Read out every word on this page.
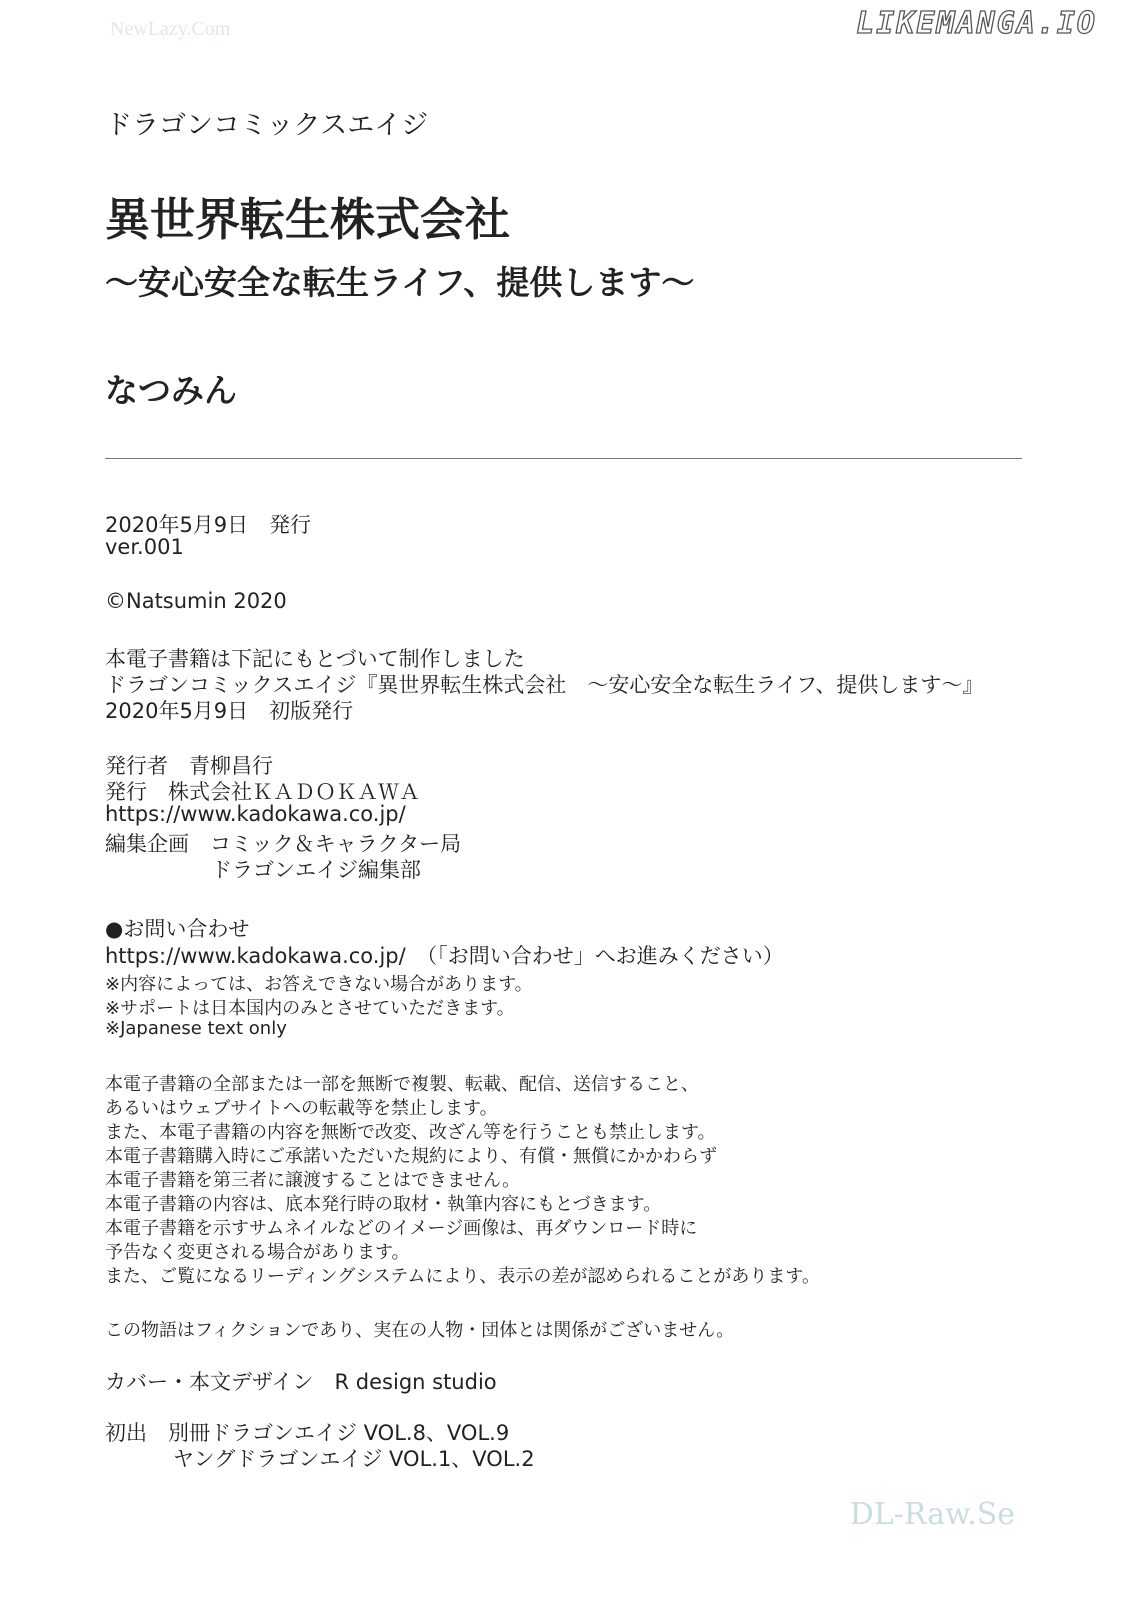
NewLazy.Com	LIKEMANGA.IO
DL-Raw.Se
ドラゴンコミックスエイジ
異世界転生株式会社
～安心安全な転生ライフ、提供します～
なつみん
2020年5月9日　発行
ver.001
©Natsumin 2020
本電子書籍は下記にもとづいて制作しました
ドラゴンコミックスエイジ『異世界転生株式会社　～安心安全な転生ライフ、提供します～』
2020年5月9日　初版発行
発行者　青柳昌行
発行　株式会社ＫＡＤＯＫＡＷＡ
https://www.kadokawa.co.jp/
編集企画　コミック＆キャラクター局
ドラゴンエイジ編集部
●お問い合わせ
https://www.kadokawa.co.jp/　（「お問い合わせ」へお進みください）
※内容によっては、お答えできない場合があります。
※サポートは日本国内のみとさせていただきます。
※Japanese text only
本電子書籍の全部または一部を無断で複製、転載、配信、送信すること、
あるいはウェブサイトへの転載等を禁止します。
また、本電子書籍の内容を無断で改変、改ざん等を行うことも禁止します。
本電子書籍購入時にご承諾いただいた規約により、有償・無償にかかわらず
本電子書籍を第三者に譲渡することはできません。
本電子書籍の内容は、底本発行時の取材・執筆内容にもとづきます。
本電子書籍を示すサムネイルなどのイメージ画像は、再ダウンロード時に
予告なく変更される場合があります。
また、ご覧になるリーディングシステムにより、表示の差が認められることがあります。
この物語はフィクションであり、実在の人物・団体とは関係がございません。
カバー・本文デザイン　R design studio
初出　別冊ドラゴンエイジ VOL.8、VOL.9
ヤングドラゴンエイジ VOL.1、VOL.2
